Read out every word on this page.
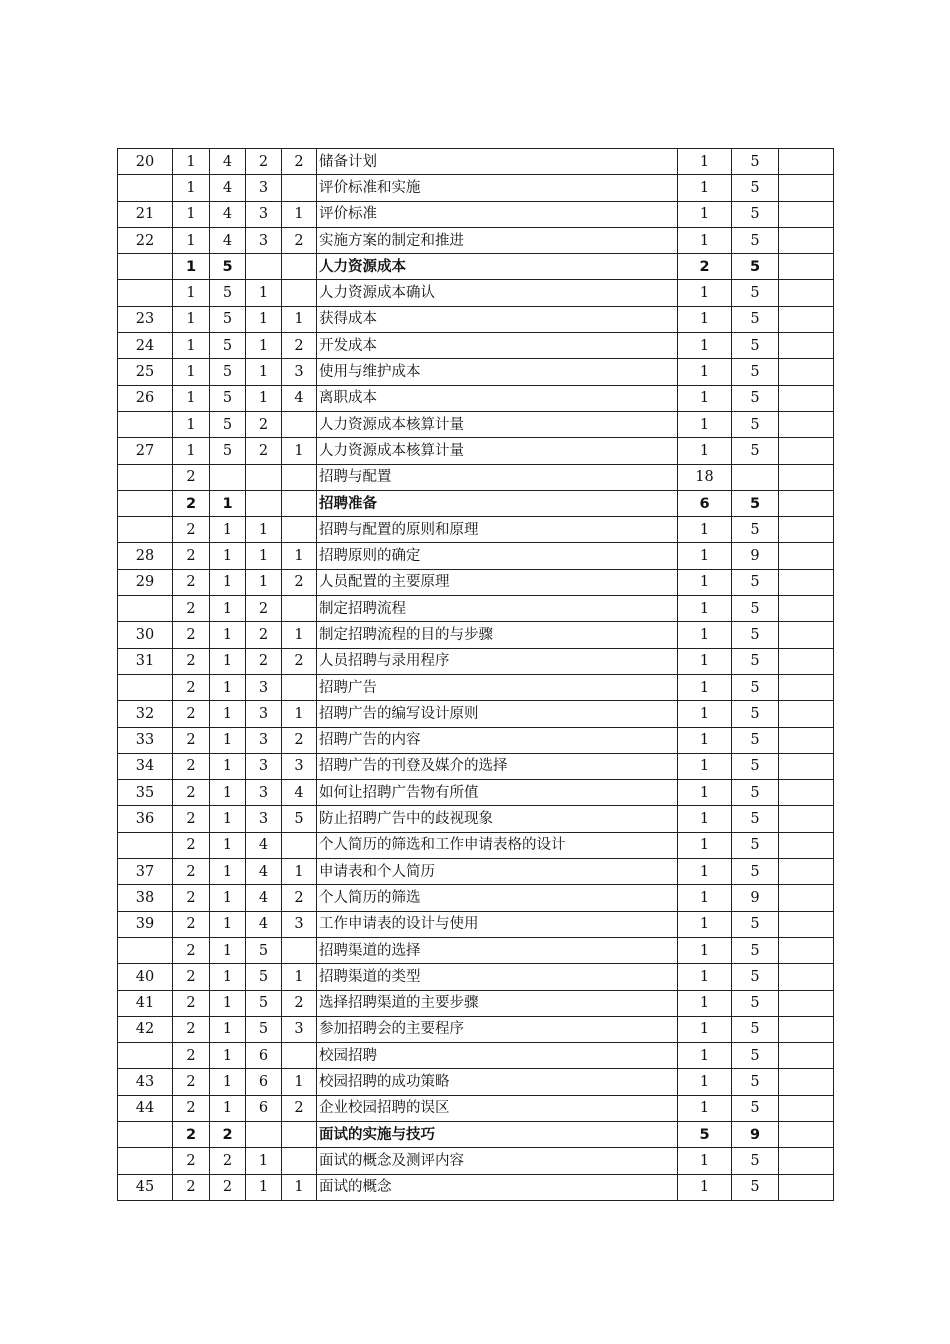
20	1	4	2	2	储备计划	1	5	
	1	4	3		评价标准和实施	1	5	
21	1	4	3	1	评价标准	1	5	
22	1	4	3	2	实施方案的制定和推进	1	5	
	1	5			人力资源成本	2	5	
	1	5	1		人力资源成本确认	1	5	
23	1	5	1	1	获得成本	1	5	
24	1	5	1	2	开发成本	1	5	
25	1	5	1	3	使用与维护成本	1	5	
26	1	5	1	4	离职成本	1	5	
	1	5	2		人力资源成本核算计量	1	5	
27	1	5	2	1	人力资源成本核算计量	1	5	
	2				招聘与配置	18		
	2	1			招聘准备	6	5	
	2	1	1		招聘与配置的原则和原理	1	5	
28	2	1	1	1	招聘原则的确定	1	9	
29	2	1	1	2	人员配置的主要原理	1	5	
	2	1	2		制定招聘流程	1	5	
30	2	1	2	1	制定招聘流程的目的与步骤	1	5	
31	2	1	2	2	人员招聘与录用程序	1	5	
	2	1	3		招聘广告	1	5	
32	2	1	3	1	招聘广告的编写设计原则	1	5	
33	2	1	3	2	招聘广告的内容	1	5	
34	2	1	3	3	招聘广告的刊登及媒介的选择	1	5	
35	2	1	3	4	如何让招聘广告物有所值	1	5	
36	2	1	3	5	防止招聘广告中的歧视现象	1	5	
	2	1	4		个人简历的筛选和工作申请表格的设计	1	5	
37	2	1	4	1	申请表和个人简历	1	5	
38	2	1	4	2	个人简历的筛选	1	9	
39	2	1	4	3	工作申请表的设计与使用	1	5	
	2	1	5		招聘渠道的选择	1	5	
40	2	1	5	1	招聘渠道的类型	1	5	
41	2	1	5	2	选择招聘渠道的主要步骤	1	5	
42	2	1	5	3	参加招聘会的主要程序	1	5	
	2	1	6		校园招聘	1	5	
43	2	1	6	1	校园招聘的成功策略	1	5	
44	2	1	6	2	企业校园招聘的误区	1	5	
	2	2			面试的实施与技巧	5	9	
	2	2	1		面试的概念及测评内容	1	5	
45	2	2	1	1	面试的概念	1	5	
